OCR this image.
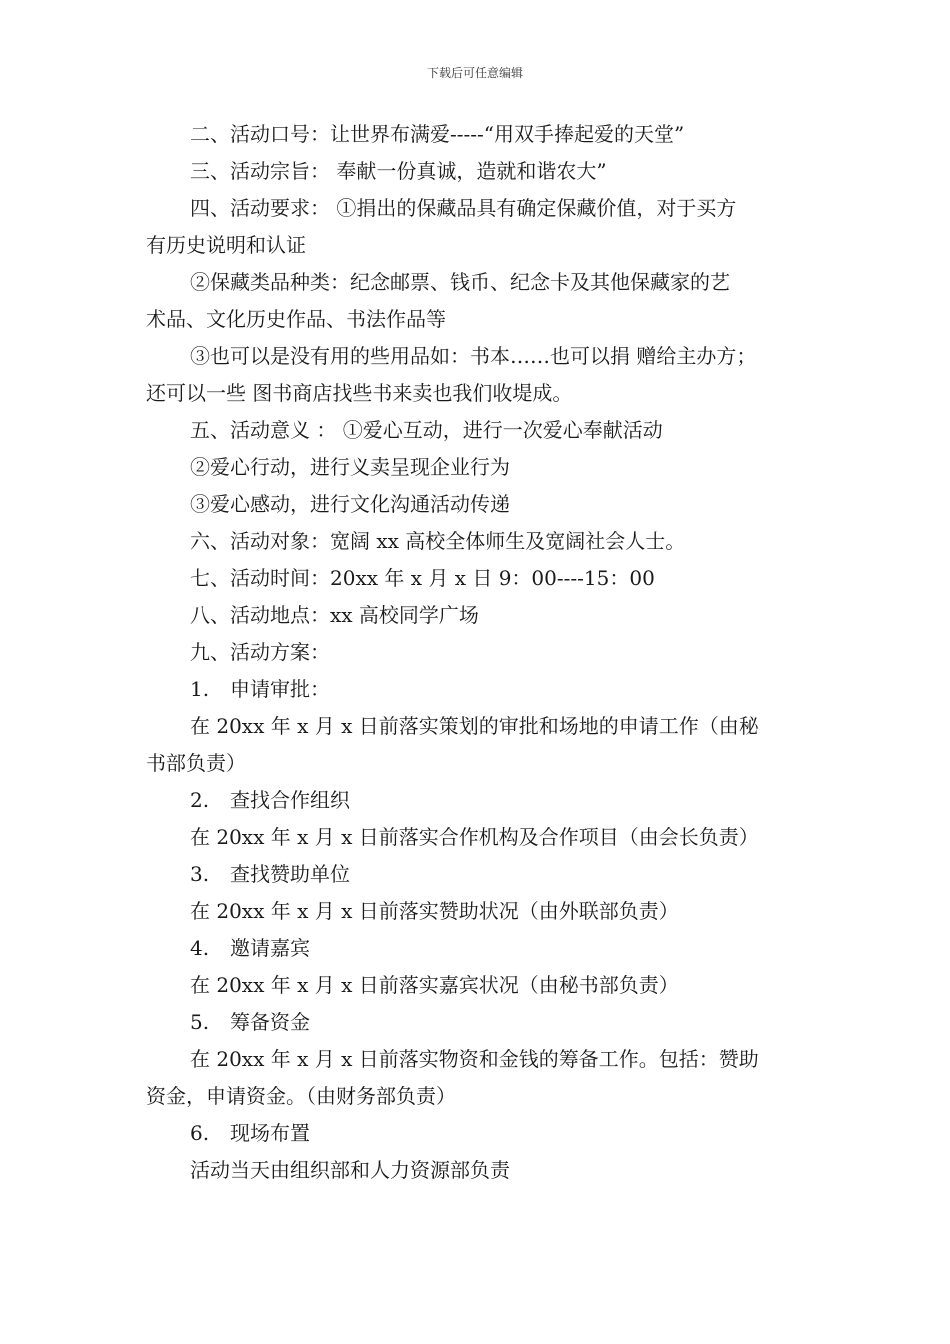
下载后可任意编辑
二、活动口号：让世界布满爱-----“用双手捧起爱的天堂”
三、活动宗旨： 奉献一份真诚，造就和谐农大”
四、活动要求： ①捐出的保藏品具有确定保藏价值，对于买方
有历史说明和认证
②保藏类品种类：纪念邮票、钱币、纪念卡及其他保藏家的艺
术品、文化历史作品、书法作品等
③也可以是没有用的些用品如：书本……也可以捐 赠给主办方；
还可以一些 图书商店找些书来卖也我们收堤成。
五、活动意义 ： ①爱心互动，进行一次爱心奉献活动
②爱心行动，进行义卖呈现企业行为
③爱心感动，进行文化沟通活动传递
六、活动对象：宽阔 xx 高校全体师生及宽阔社会人士。
七、活动时间：20xx 年 x 月 x 日 9：00----15：00
八、活动地点：xx 高校同学广场
九、活动方案：
1. 申请审批：
在 20xx 年 x 月 x 日前落实策划的审批和场地的申请工作（由秘
书部负责）
2. 查找合作组织
在 20xx 年 x 月 x 日前落实合作机构及合作项目（由会长负责）
3. 查找赞助单位
在 20xx 年 x 月 x 日前落实赞助状况（由外联部负责）
4. 邀请嘉宾
在 20xx 年 x 月 x 日前落实嘉宾状况（由秘书部负责）
5. 筹备资金
在 20xx 年 x 月 x 日前落实物资和金钱的筹备工作。包括：赞助
资金，申请资金。（由财务部负责）
6. 现场布置
活动当天由组织部和人力资源部负责
